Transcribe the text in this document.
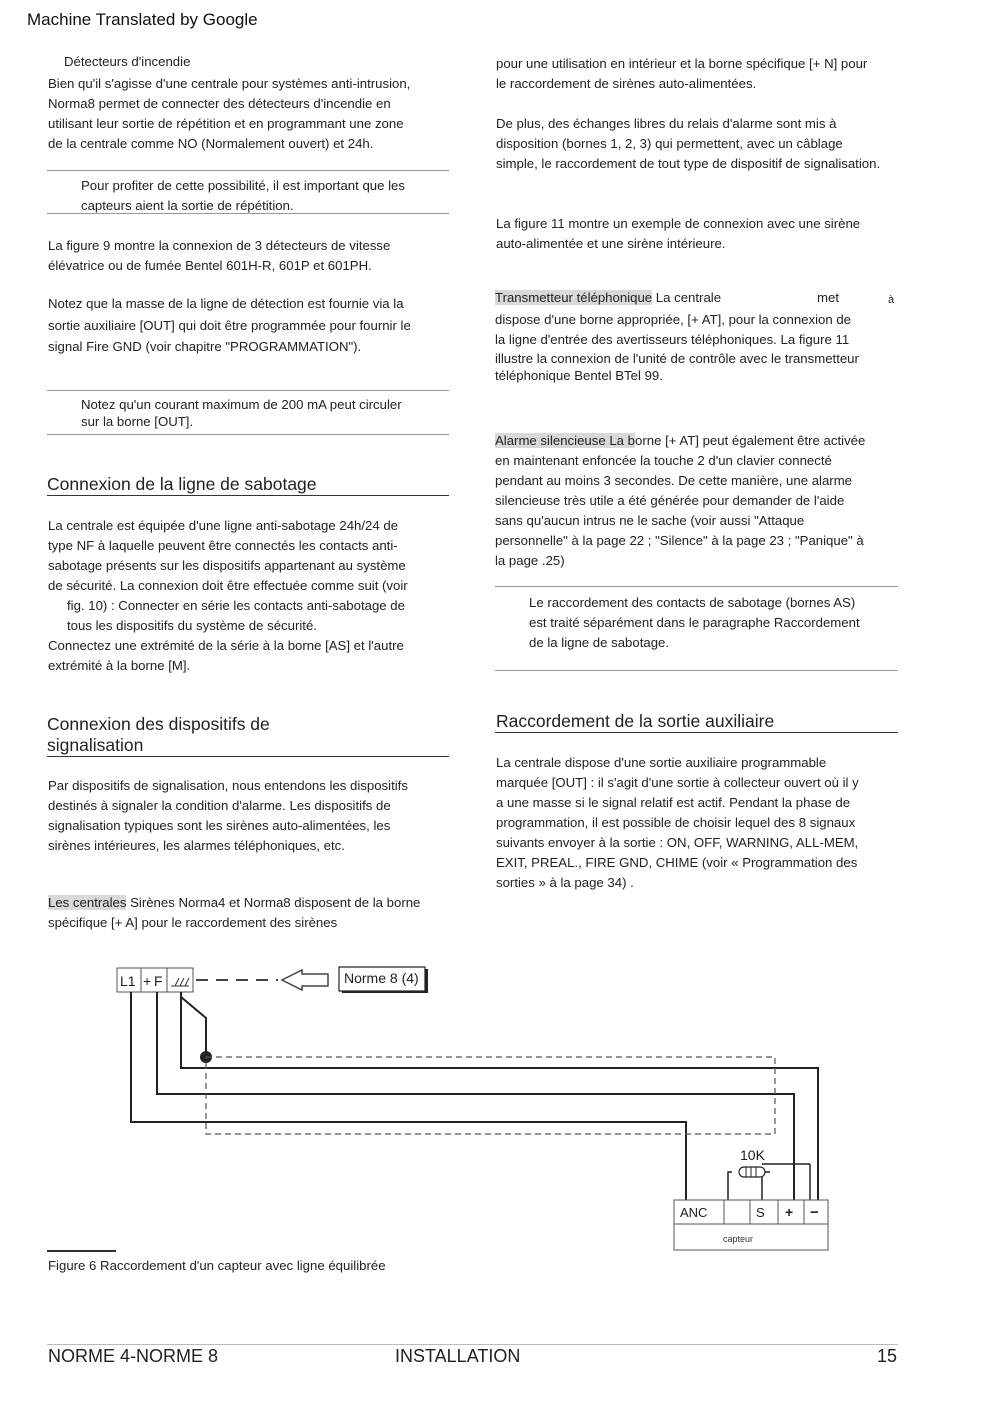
Machine Translated by Google
Détecteurs d'incendie
Bien qu'il s'agisse d'une centrale pour systèmes anti-intrusion,
Norma8 permet de connecter des détecteurs d'incendie en
utilisant leur sortie de répétition et en programmant une zone
de la centrale comme NO (Normalement ouvert) et 24h.
Pour profiter de cette possibilité, il est important que les
capteurs aient la sortie de répétition.
La figure 9 montre la connexion de 3 détecteurs de vitesse
élévatrice ou de fumée Bentel 601H-R, 601P et 601PH.
Notez que la masse de la ligne de détection est fournie via la
sortie auxiliaire [OUT] qui doit être programmée pour fournir le
signal Fire GND (voir chapitre "PROGRAMMATION").
Notez qu'un courant maximum de 200 mA peut circuler
sur la borne [OUT].
Connexion de la ligne de sabotage
La centrale est équipée d'une ligne anti-sabotage 24h/24 de
type NF à laquelle peuvent être connectés les contacts anti-
sabotage présents sur les dispositifs appartenant au système
de sécurité. La connexion doit être effectuée comme suit (voir
fig. 10) : Connecter en série les contacts anti-sabotage de
tous les dispositifs du système de sécurité.
Connectez une extrémité de la série à la borne [AS] et l'autre
extrémité à la borne [M].
Connexion des dispositifs de
signalisation
Par dispositifs de signalisation, nous entendons les dispositifs
destinés à signaler la condition d'alarme. Les dispositifs de
signalisation typiques sont les sirènes auto-alimentées, les
sirènes intérieures, les alarmes téléphoniques, etc.
Les centrales Sirènes Norma4 et Norma8 disposent de la borne
spécifique [+ A] pour le raccordement des sirènes
pour une utilisation en intérieur et la borne spécifique [+ N] pour
le raccordement de sirènes auto-alimentées.
De plus, des échanges libres du relais d'alarme sont mis à
disposition (bornes 1, 2, 3) qui permettent, avec un câblage
simple, le raccordement de tout type de dispositif de signalisation.
La figure 11 montre un exemple de connexion avec une sirène
auto-alimentée et une sirène intérieure.
Transmetteur téléphonique La centrale	met	à
dispose d'une borne appropriée, [+ AT], pour la connexion de
la ligne d'entrée des avertisseurs téléphoniques. La figure 11
illustre la connexion de l'unité de contrôle avec le transmetteur
téléphonique Bentel BTel 99.
Alarme silencieuse La borne [+ AT] peut également être activée
en maintenant enfoncée la touche 2 d'un clavier connecté
pendant au moins 3 secondes. De cette manière, une alarme
silencieuse très utile a été générée pour demander de l'aide
sans qu'aucun intrus ne le sache (voir aussi "Attaque
personnelle" à la page 22 ; "Silence" à la page 23 ; "Panique" à
la page .25)
Le raccordement des contacts de sabotage (bornes AS)
est traité séparément dans le paragraphe Raccordement
de la ligne de sabotage.
Raccordement de la sortie auxiliaire
La centrale dispose d'une sortie auxiliaire programmable
marquée [OUT] : il s'agit d'une sortie à collecteur ouvert où il y
a une masse si le signal relatif est actif. Pendant la phase de
programmation, il est possible de choisir lequel des 8 signaux
suivants envoyer à la sortie : ON, OFF, WARNING, ALL-MEM,
EXIT, PREAL., FIRE GND, CHIME (voir « Programmation des
sorties » à la page 34) .
L1 + F	Norme 8 (4)
10K
ANC	S + −
capteur
Figure 6 Raccordement d'un capteur avec ligne équilibrée
NORME 4-NORME 8	INSTALLATION	15
